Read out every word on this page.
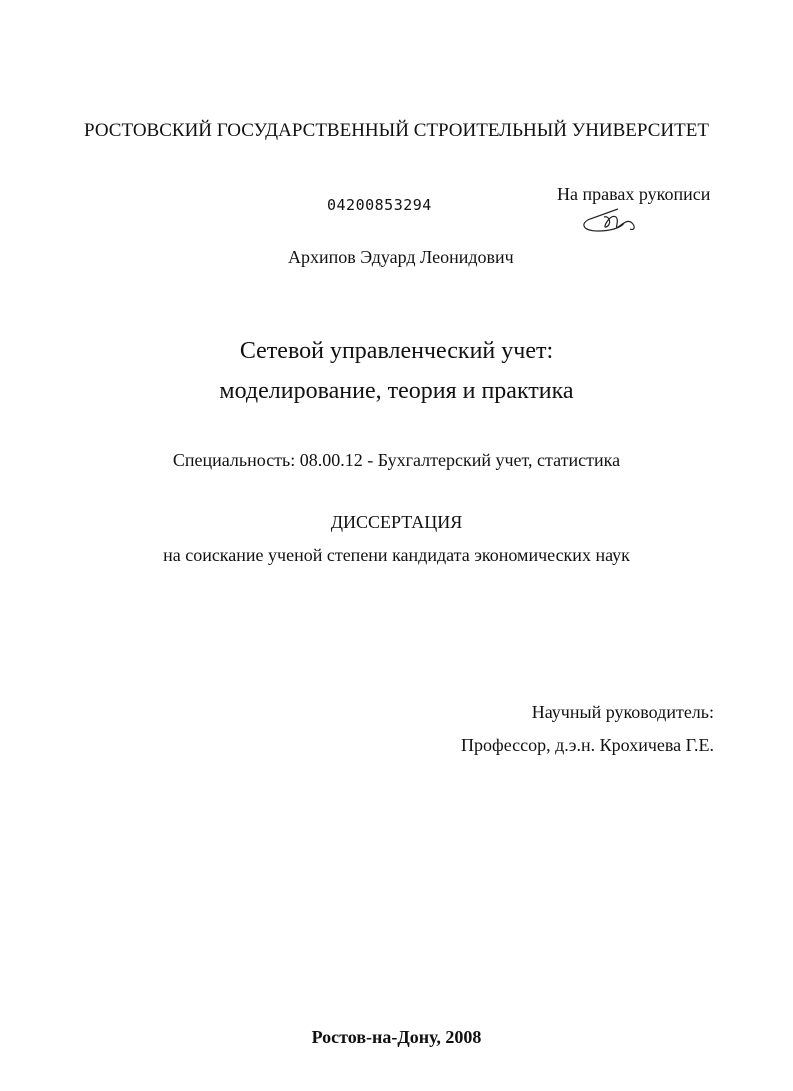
РОСТОВСКИЙ ГОСУДАРСТВЕННЫЙ СТРОИТЕЛЬНЫЙ УНИВЕРСИТЕТ
04200853294
На правах рукописи
Архипов Эдуард Леонидович
Сетевой управленческий учет:
моделирование, теория и практика
Специальность: 08.00.12 - Бухгалтерский учет, статистика
ДИССЕРТАЦИЯ
на соискание ученой степени кандидата экономических наук
Научный руководитель:
Профессор, д.э.н. Крохичева Г.Е.
Ростов-на-Дону, 2008
